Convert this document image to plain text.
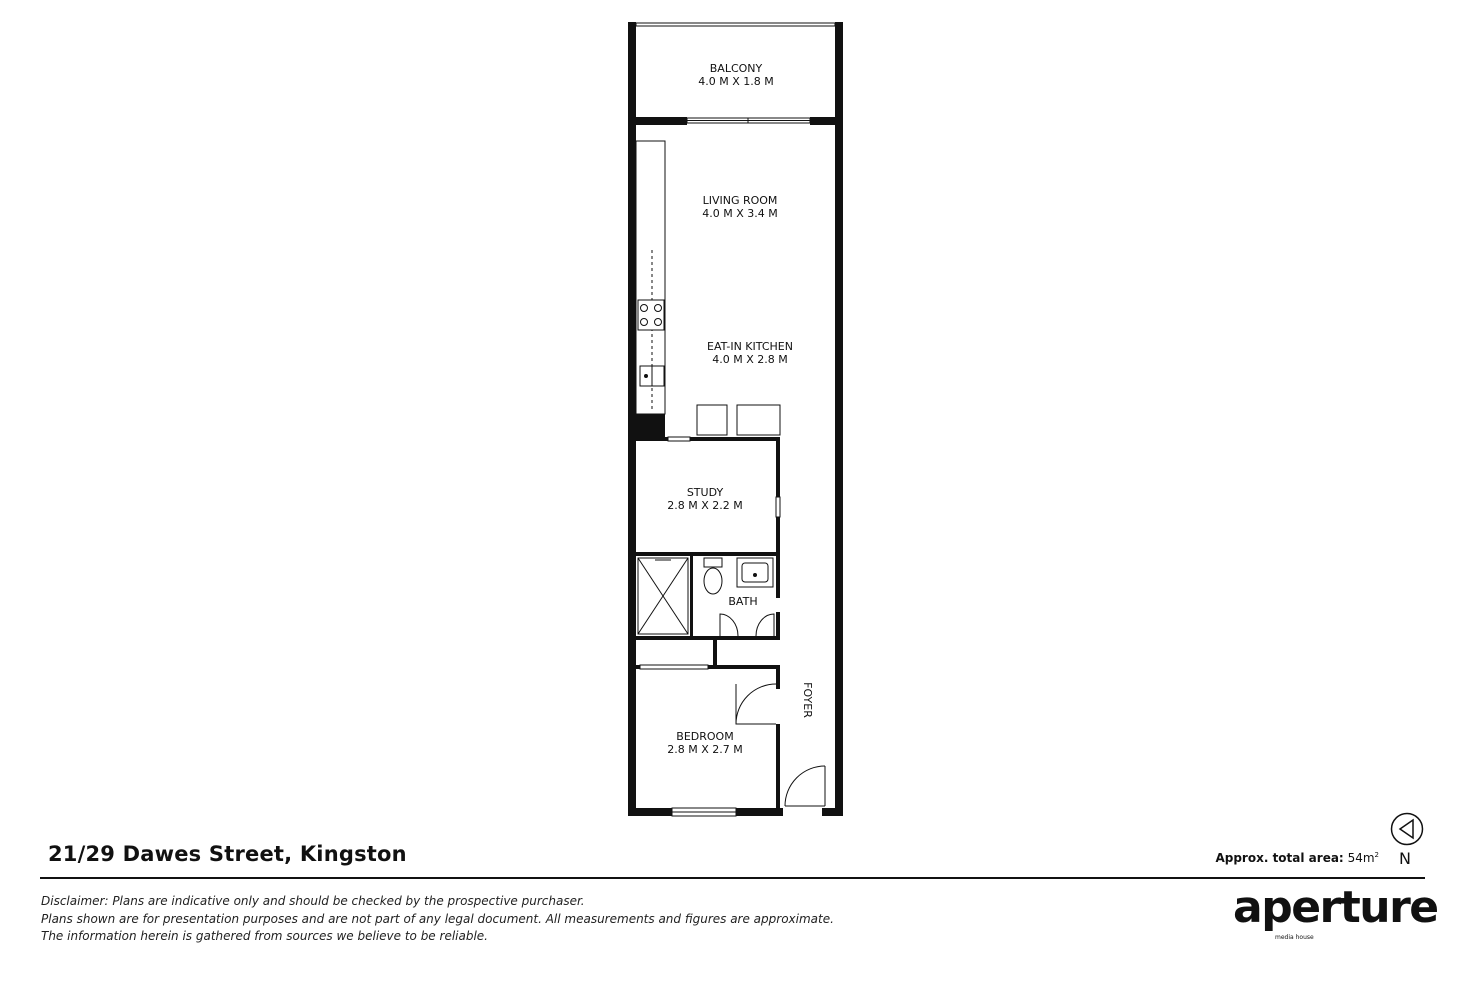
BALCONY
4.0 M X 1.8 M
LIVING ROOM
4.0 M X 3.4 M
EAT-IN KITCHEN
4.0 M X 2.8 M
STUDY
2.8 M X 2.2 M
BATH
BEDROOM
2.8 M X 2.7 M
FOYER
21/29 Dawes Street, Kingston	Approx. total area: $54m^2$ N
Disclaimer: Plans are indicative only and should be checked by the prospective purchaser.
Plans shown are for presentation purposes and are not part of any legal document. All measurements and figures are approximate.
The information herein is gathered from sources we believe to be reliable.
aperture
media house
